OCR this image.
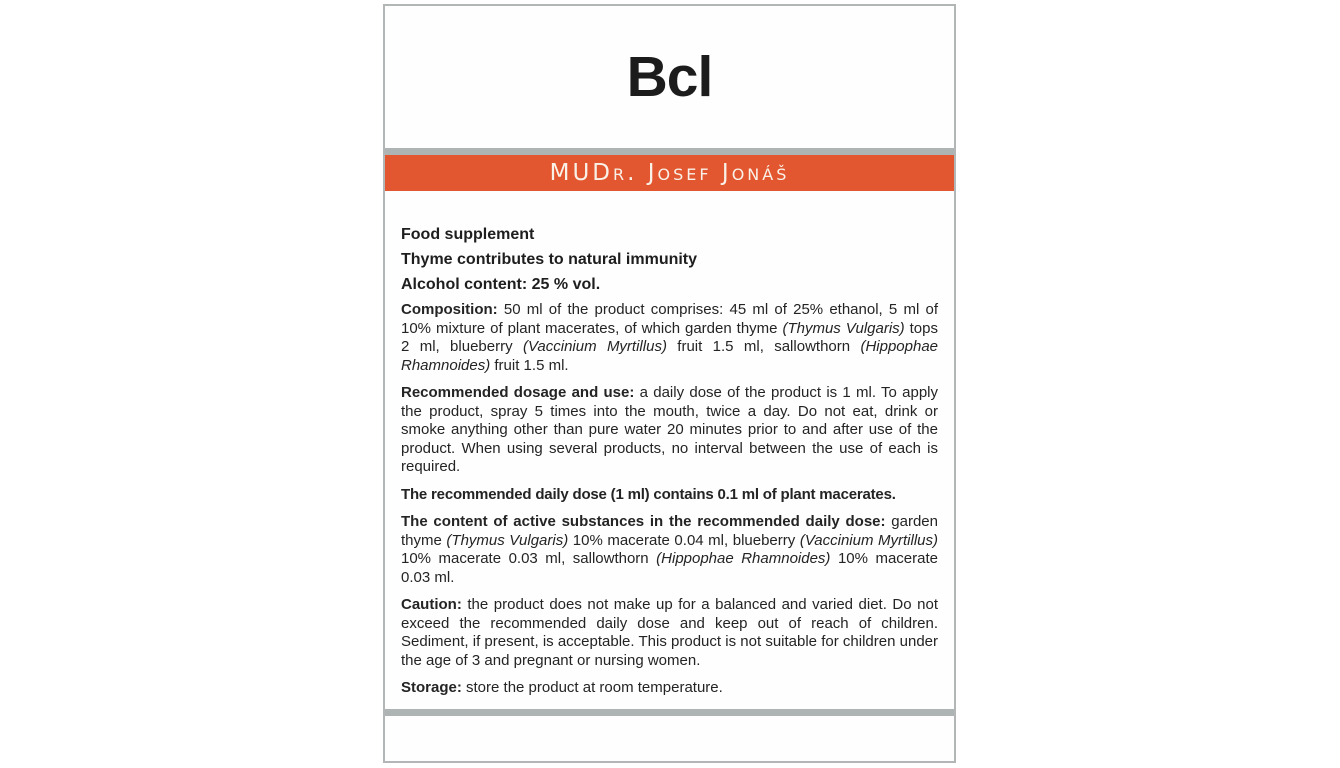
Bcl
MUDr. Josef Jonáš

Food supplement

Thyme contributes to natural immunity

Alcohol content: 25 % vol.

Composition: 50 ml of the product comprises: 45 ml of 25% ethanol, 5 ml of 10% mixture of plant macerates, of which garden thyme (Thymus Vulgaris) tops 2 ml, blueberry (Vaccinium Myrtillus) fruit 1.5 ml, sallowthorn (Hippophae Rhamnoides) fruit 1.5 ml.

Recommended dosage and use: a daily dose of the product is 1 ml. To apply the product, spray 5 times into the mouth, twice a day. Do not eat, drink or smoke anything other than pure water 20 minutes prior to and after use of the product. When using several products, no interval between the use of each is required.

The recommended daily dose (1 ml) contains 0.1 ml of plant macerates.

The content of active substances in the recommended daily dose: garden thyme (Thymus Vulgaris) 10% macerate 0.04 ml, blueberry (Vaccinium Myrtillus) 10% macerate 0.03 ml, sallowthorn (Hippophae Rhamnoides) 10% macerate 0.03 ml.

Caution: the product does not make up for a balanced and varied diet. Do not exceed the recommended daily dose and keep out of reach of children. Sediment, if present, is acceptable. This product is not suitable for children under the age of 3 and pregnant or nursing women.

Storage: store the product at room temperature.
